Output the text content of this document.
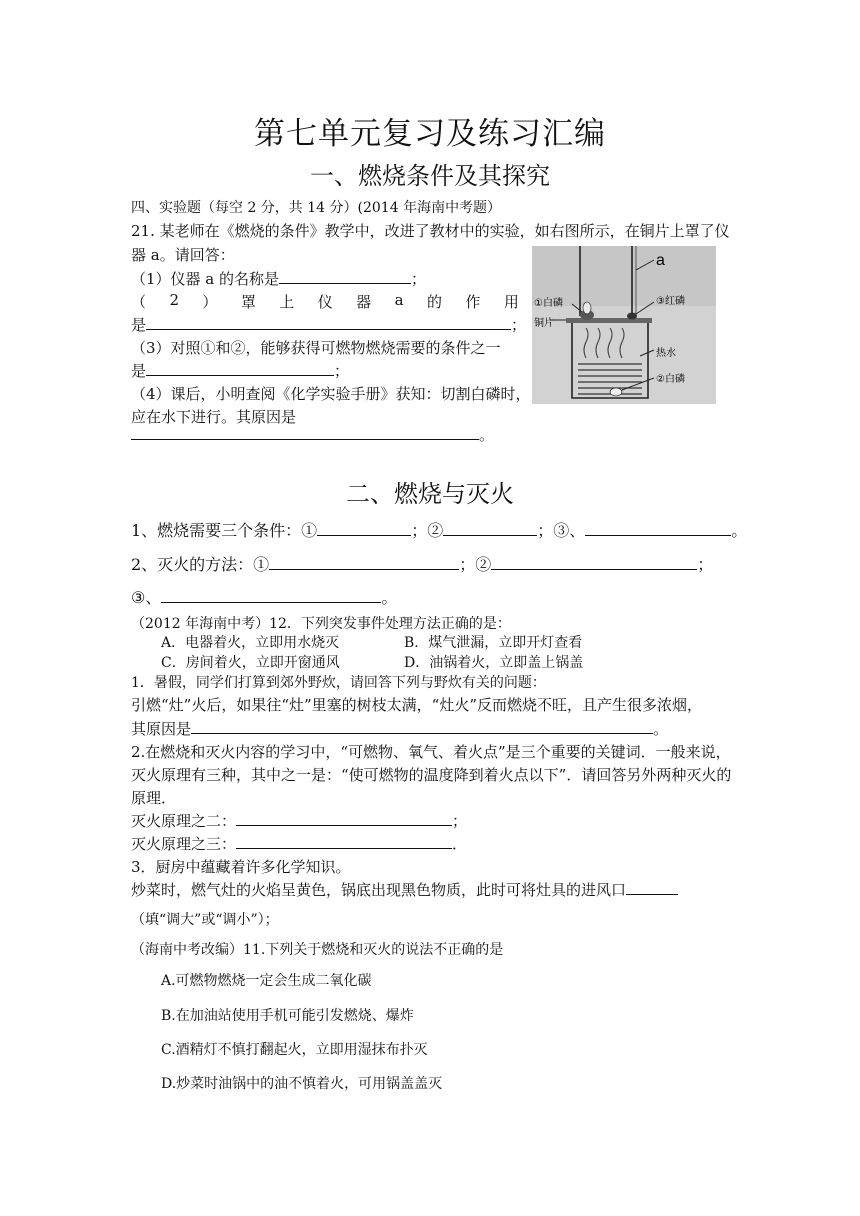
第七单元复习及练习汇编
一、燃烧条件及其探究
四、实验题（每空 2 分，共 14 分）(2014 年海南中考题）
21. 某老师在《燃烧的条件》教学中，改进了教材中的实验，如右图所示，在铜片上罩了仪
器 a。请回答：
（1）仪器 a 的名称是	；
（ 2 ） 罩 上 仪 器 a 的 作 用
是	；
（3）对照①和②，能够获得可燃物燃烧需要的条件之一
是	；
（4）课后，小明查阅《化学实验手册》获知：切割白磷时，
应在水下进行。其原因是
。
a
①白磷	③红磷
铜片
热水
②白磷
二、燃烧与灭火
1、燃烧需要三个条件：①	；②	；③、	。
2、灭火的方法：①	；②	；
③、	。
（2012 年海南中考）12．下列突发事件处理方法正确的是：
A．电器着火，立即用水烧灭	B．煤气泄漏，立即开灯查看
C．房间着火，立即开窗通风	D．油锅着火，立即盖上锅盖
1．暑假，同学们打算到郊外野炊，请回答下列与野炊有关的问题：
引燃“灶”火后，如果往“灶”里塞的树枝太满，“灶火”反而燃烧不旺，且产生很多浓烟，
其原因是	。
2.在燃烧和灭火内容的学习中，“可燃物、氧气、着火点”是三个重要的关键词．一般来说，
灭火原理有三种，其中之一是：“使可燃物的温度降到着火点以下”．请回答另外两种灭火的
原理．
灭火原理之二：	；
灭火原理之三：	．
3．厨房中蕴藏着许多化学知识。
炒菜时，燃气灶的火焰呈黄色，锅底出现黑色物质，此时可将灶具的进风口
（填“调大”或“调小”）；
（海南中考改编）11.下列关于燃烧和灭火的说法不正确的是
A.可燃物燃烧一定会生成二氧化碳
B.在加油站使用手机可能引发燃烧、爆炸
C.酒精灯不慎打翻起火，立即用湿抹布扑灭
D.炒菜时油锅中的油不慎着火，可用锅盖盖灭
